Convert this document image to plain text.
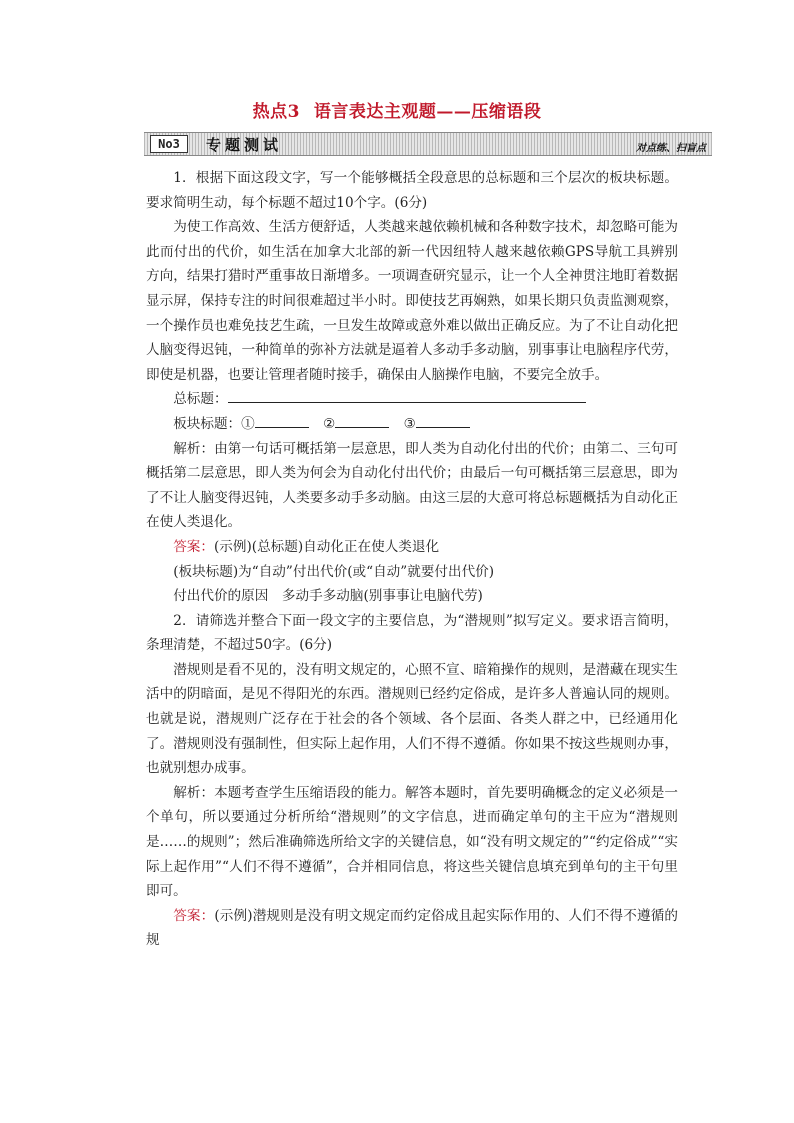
热点3 语言表达主观题——压缩语段
No3	专题测试	对点练、扫盲点

1．根据下面这段文字，写一个能够概括全段意思的总标题和三个层次的板块标题。要求简明生动，每个标题不超过10个字。(6分)

为使工作高效、生活方便舒适，人类越来越依赖机械和各种数字技术，却忽略可能为此而付出的代价，如生活在加拿大北部的新一代因纽特人越来越依赖GPS导航工具辨别方向，结果打猎时严重事故日渐增多。一项调查研究显示，让一个人全神贯注地盯着数据显示屏，保持专注的时间很难超过半小时。即使技艺再娴熟，如果长期只负责监测观察，一个操作员也难免技艺生疏，一旦发生故障或意外难以做出正确反应。为了不让自动化把人脑变得迟钝，一种简单的弥补方法就是逼着人多动手多动脑，别事事让电脑程序代劳，即使是机器，也要让管理者随时接手，确保由人脑操作电脑，不要完全放手。

总标题：

板块标题：①	②	③

解析：由第一句话可概括第一层意思，即人类为自动化付出的代价；由第二、三句可概括第二层意思，即人类为何会为自动化付出代价；由最后一句可概括第三层意思，即为了不让人脑变得迟钝，人类要多动手多动脑。由这三层的大意可将总标题概括为自动化正在使人类退化。

答案：(示例)(总标题)自动化正在使人类退化

(板块标题)为“自动”付出代价(或“自动”就要付出代价)

付出代价的原因　多动手多动脑(别事事让电脑代劳)

2．请筛选并整合下面一段文字的主要信息，为“潜规则”拟写定义。要求语言简明，条理清楚，不超过50字。(6分)

潜规则是看不见的，没有明文规定的，心照不宣、暗箱操作的规则，是潜藏在现实生活中的阴暗面，是见不得阳光的东西。潜规则已经约定俗成，是许多人普遍认同的规则。也就是说，潜规则广泛存在于社会的各个领域、各个层面、各类人群之中，已经通用化了。潜规则没有强制性，但实际上起作用，人们不得不遵循。你如果不按这些规则办事，也就别想办成事。

解析：本题考查学生压缩语段的能力。解答本题时，首先要明确概念的定义必须是一个单句，所以要通过分析所给“潜规则”的文字信息，进而确定单句的主干应为“潜规则是……的规则”；然后准确筛选所给文字的关键信息，如“没有明文规定的”“约定俗成”“实际上起作用”“人们不得不遵循”，合并相同信息，将这些关键信息填充到单句的主干句里即可。

答案：(示例)潜规则是没有明文规定而约定俗成且起实际作用的、人们不得不遵循的规
